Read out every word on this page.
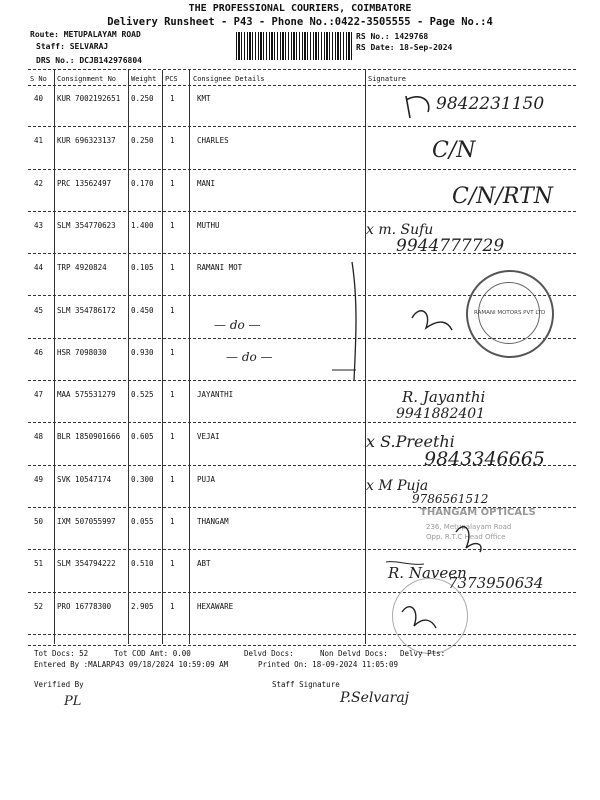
THE PROFESSIONAL COURIERS, COIMBATORE
Delivery Runsheet - P43 - Phone No.:0422-3505555 - Page No.:4
Route: METUPALAYAM ROAD
Staff: SELVARAJ
DRS No.: DCJB142976804
RS No.: 1429768
RS Date: 18-Sep-2024
S No Consignment No Weight PCS Consignee Details	Signature
40 KUR 7002192651 0.250 1	KMT
41 KUR 696323137 0.250 1	CHARLES
42 PRC 13562497	0.170 1	MANI
43 SLM 354770623 1.400 1	MUTHU
44 TRP 4920824	0.105 1	RAMANI MOT
45 SLM 354786172 0.450 1
46 HSR 7098030	0.930 1
47 MAA 575531279 0.525 1	JAYANTHI
48 BLR 1850901666 0.605 1	VEJAI
49 SVK 10547174	0.300 1	PUJA
50 IXM 507055997 0.055 1	THANGAM
51 SLM 354794222 0.510 1	ABT
52 PRO 16778300	2.905 1	HEXAWARE
RAMANI MOTORS PVT LTD
THANGAM OPTICALS
236, Metupalayam Road
Opp. R.T.C Head Office
9842231150
C/N
C/N/RTN
x m. Sufu
9944777729
— do —
— do —
R. Jayanthi
9941882401
x S.Preethi
9843346665
x M Puja
9786561512
R. Naveen
7373950634
P.Selvaraj
PL
Tot Docs: 52	Tot COD Amt: 0.00	Delvd Docs:	Non Delvd Docs: Delvy Pts:
Entered By :MALARP43 09/18/2024 10:59:09 AM	Printed On: 18-09-2024 11:05:09
Verified By	Staff Signature
